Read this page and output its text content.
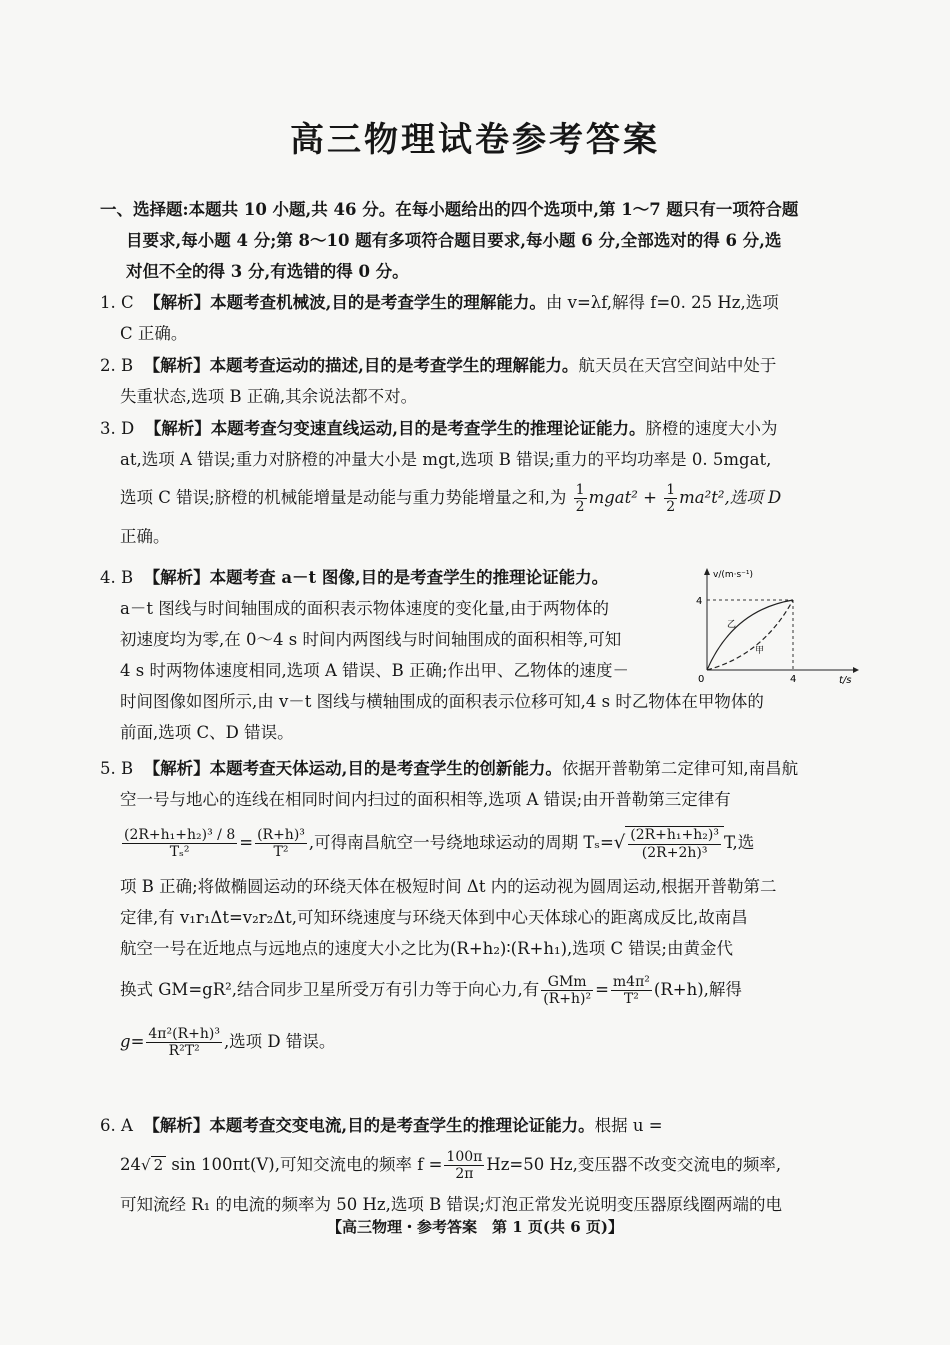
高三物理试卷参考答案
一、选择题:本题共 10 小题,共 46 分。在每小题给出的四个选项中,第 1～7 题只有一项符合题
目要求,每小题 4 分;第 8～10 题有多项符合题目要求,每小题 6 分,全部选对的得 6 分,选
对但不全的得 3 分,有选错的得 0 分。
1. C 【解析】本题考查机械波,目的是考查学生的理解能力。由 v=λf,解得 f=0. 25 Hz,选项
C 正确。
2. B 【解析】本题考查运动的描述,目的是考查学生的理解能力。航天员在天宫空间站中处于
失重状态,选项 B 正确,其余说法都不对。
3. D 【解析】本题考查匀变速直线运动,目的是考查学生的推理论证能力。脐橙的速度大小为
at,选项 A 错误;重力对脐橙的冲量大小是 mgt,选项 B 错误;重力的平均功率是 0. 5mgat,
选项 C 错误;脐橙的机械能增量是动能与重力势能增量之和,为 $\frac{1}{2}$ mgat² + $\frac{1}{2} ma^2t^2$,选项 D
正确。
4. B 【解析】本题考查 a－t 图像,目的是考查学生的推理论证能力。
a－t 图线与时间轴围成的面积表示物体速度的变化量,由于两物体的
初速度均为零,在 0～4 s 时间内两图线与时间轴围成的面积相等,可知
4 s 时两物体速度相同,选项 A 错误、B 正确;作出甲、乙物体的速度－
时间图像如图所示,由 v－t 图线与横轴围成的面积表示位移可知,4 s 时乙物体在甲物体的
前面,选项 C、D 错误。
v/(m·s⁻¹)
t/s
4
4
0
乙
甲
5. B 【解析】本题考查天体运动,目的是考查学生的创新能力。依据开普勒第二定律可知,南昌航
空一号与地心的连线在相同时间内扫过的面积相等,选项 A 错误;由开普勒第三定律有
$\frac{\text{(2R+h₁+h₂)³ / 8}}{\text{Tₛ²}} = \frac{\text{(R+h)³}}{\text{T²}}$ ,可得南昌航空一号绕地球运动的周期 $T_s=√ \frac{\text{(2R+h₁+h₂)³}}{\text{(2R+2h)³}} T$,选
项 B 正确;将做椭圆运动的环绕天体在极短时间 Δt 内的运动视为圆周运动,根据开普勒第二
定律,有 v₁r₁Δt=v₂r₂Δt,可知环绕速度与环绕天体到中心天体球心的距离成反比,故南昌
航空一号在近地点与远地点的速度大小之比为(R+h₂)∶(R+h₁),选项 C 错误;由黄金代
换式 GM=gR²,结合同步卫星所受万有引力等于向心力,有 $\frac{\text{GMm}}{\text{(R+h)²}} = \frac{\text{m4π²}}{\text{T²}} (R+h)$,解得
$g= \frac{\text{4π²(R+h)³}}{\text{R²T²}}$ ,选项 D 错误。
6. A 【解析】本题考查交变电流,目的是考查学生的推理论证能力。根据 u =
24√ 2 sin 100πt(V),可知交流电的频率 $f = \frac{100\pi}{2\pi} Hz=50$ Hz,变压器不改变交流电的频率,
可知流经 R₁ 的电流的频率为 50 Hz,选项 B 错误;灯泡正常发光说明变压器原线圈两端的电
【高三物理・参考答案　第 1 页(共 6 页)】
